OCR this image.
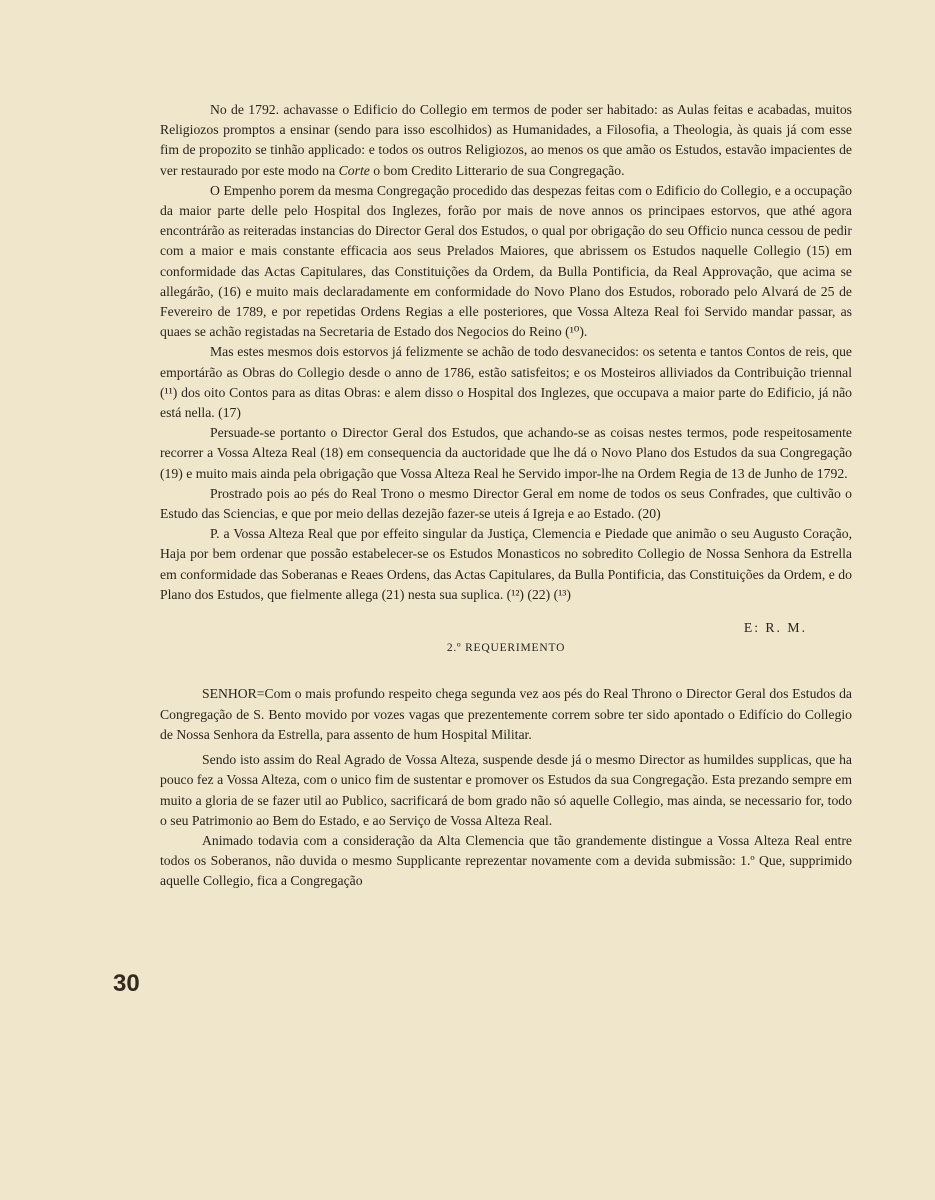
No de 1792. achavasse o Edificio do Collegio em termos de poder ser habitado: as Aulas feitas e acabadas, muitos Religiozos promptos a ensinar (sendo para isso escolhidos) as Humanidades, a Filosofia, a Theologia, às quais já com esse fim de propozito se tinhão applicado: e todos os outros Religiozos, ao menos os que amão os Estudos, estavão impacientes de ver restaurado por este modo na Corte o bom Credito Litterario de sua Congregação.

O Empenho porem da mesma Congregação procedido das despezas feitas com o Edificio do Collegio, e a occupação da maior parte delle pelo Hospital dos Inglezes, forão por mais de nove annos os principaes estorvos, que athé agora encontrárão as reiteradas instancias do Director Geral dos Estudos, o qual por obrigação do seu Officio nunca cessou de pedir com a maior e mais constante efficacia aos seus Prelados Maiores, que abrissem os Estudos naquelle Collegio (15) em conformidade das Actas Capitulares, das Constituições da Ordem, da Bulla Pontificia, da Real Approvação, que acima se allegárão, (16) e muito mais declaradamente em conformidade do Novo Plano dos Estudos, roborado pelo Alvará de 25 de Fevereiro de 1789, e por repetidas Ordens Regias a elle posteriores, que Vossa Alteza Real foi Servido mandar passar, as quaes se achão registadas na Secretaria de Estado dos Negocios do Reino (¹⁰).

Mas estes mesmos dois estorvos já felizmente se achão de todo desvanecidos: os setenta e tantos Contos de reis, que emportárão as Obras do Collegio desde o anno de 1786, estão satisfeitos; e os Mosteiros alliviados da Contribuição triennal (¹¹) dos oito Contos para as ditas Obras: e alem disso o Hospital dos Inglezes, que occupava a maior parte do Edificio, já não está nella. (17)

Persuade-se portanto o Director Geral dos Estudos, que achando-se as coisas nestes termos, pode respeitosamente recorrer a Vossa Alteza Real (18) em consequencia da auctoridade que lhe dá o Novo Plano dos Estudos da sua Congregação (19) e muito mais ainda pela obrigação que Vossa Alteza Real he Servido impor-lhe na Ordem Regia de 13 de Junho de 1792.

Prostrado pois ao pés do Real Trono o mesmo Director Geral em nome de todos os seus Confrades, que cultivão o Estudo das Sciencias, e que por meio dellas dezejão fazer-se uteis á Igreja e ao Estado. (20)

P. a Vossa Alteza Real que por effeito singular da Justiça, Clemencia e Piedade que animão o seu Augusto Coração, Haja por bem ordenar que possão estabelecer-se os Estudos Monasticos no sobredito Collegio de Nossa Senhora da Estrella em conformidade das Soberanas e Reaes Ordens, das Actas Capitulares, da Bulla Pontificia, das Constituições da Ordem, e do Plano dos Estudos, que fielmente allega (21) nesta sua suplica. (¹²) (22) (¹³)

E: R. M.
2.º REQUERIMENTO

SENHOR=Com o mais profundo respeito chega segunda vez aos pés do Real Throno o Director Geral dos Estudos da Congregação de S. Bento movido por vozes vagas que prezentemente correm sobre ter sido apontado o Edifício do Collegio de Nossa Senhora da Estrella, para assento de hum Hospital Militar.

Sendo isto assim do Real Agrado de Vossa Alteza, suspende desde já o mesmo Director as humildes supplicas, que ha pouco fez a Vossa Alteza, com o unico fim de sustentar e promover os Estudos da sua Congregação. Esta prezando sempre em muito a gloria de se fazer util ao Publico, sacrificará de bom grado não só aquelle Collegio, mas ainda, se necessario for, todo o seu Patrimonio ao Bem do Estado, e ao Serviço de Vossa Alteza Real.

Animado todavia com a consideração da Alta Clemencia que tão grandemente distingue a Vossa Alteza Real entre todos os Soberanos, não duvida o mesmo Supplicante reprezentar novamente com a devida submissão: 1.º Que, supprimido aquelle Collegio, fica a Congregação

30
